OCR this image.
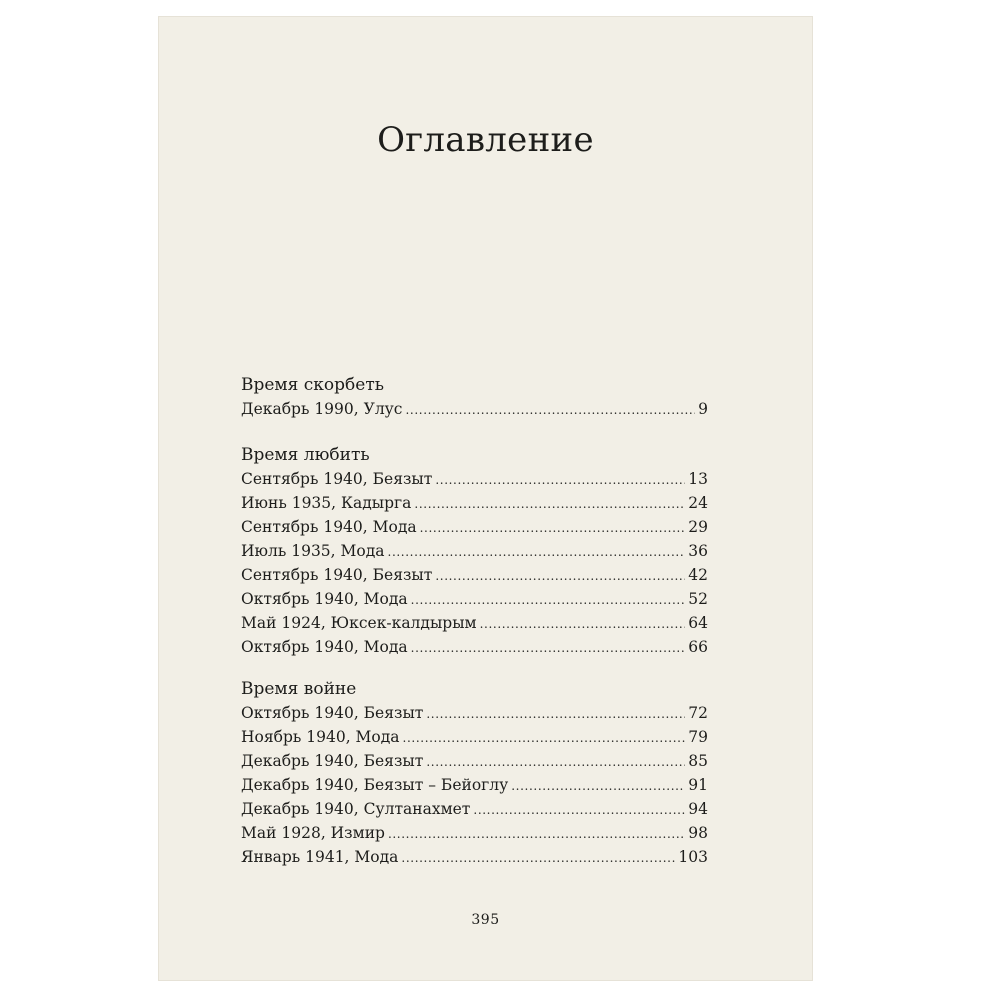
Оглавление
Время скорбеть
Декабрь 1990, Улус . . .	9
Время любить
Сентябрь 1940, Беязыт . . .	13
Июнь 1935, Кадырга . . .	24
Сентябрь 1940, Мода . . .	29
Июль 1935, Мода . . .	36
Сентябрь 1940, Беязыт . . .	42
Октябрь 1940, Мода . . .	52
Май 1924, Юксек-калдырым . . .	64
Октябрь 1940, Мода . . .	66
Время войне
Октябрь 1940, Беязыт . . .	72
Ноябрь 1940, Мода . . .	79
Декабрь 1940, Беязыт . . .	85
Декабрь 1940, Беязыт – Бейоглу . . .	91
Декабрь 1940, Султанахмет . . .	94
Май 1928, Измир . . .	98
Январь 1941, Мода . . .	103
395
